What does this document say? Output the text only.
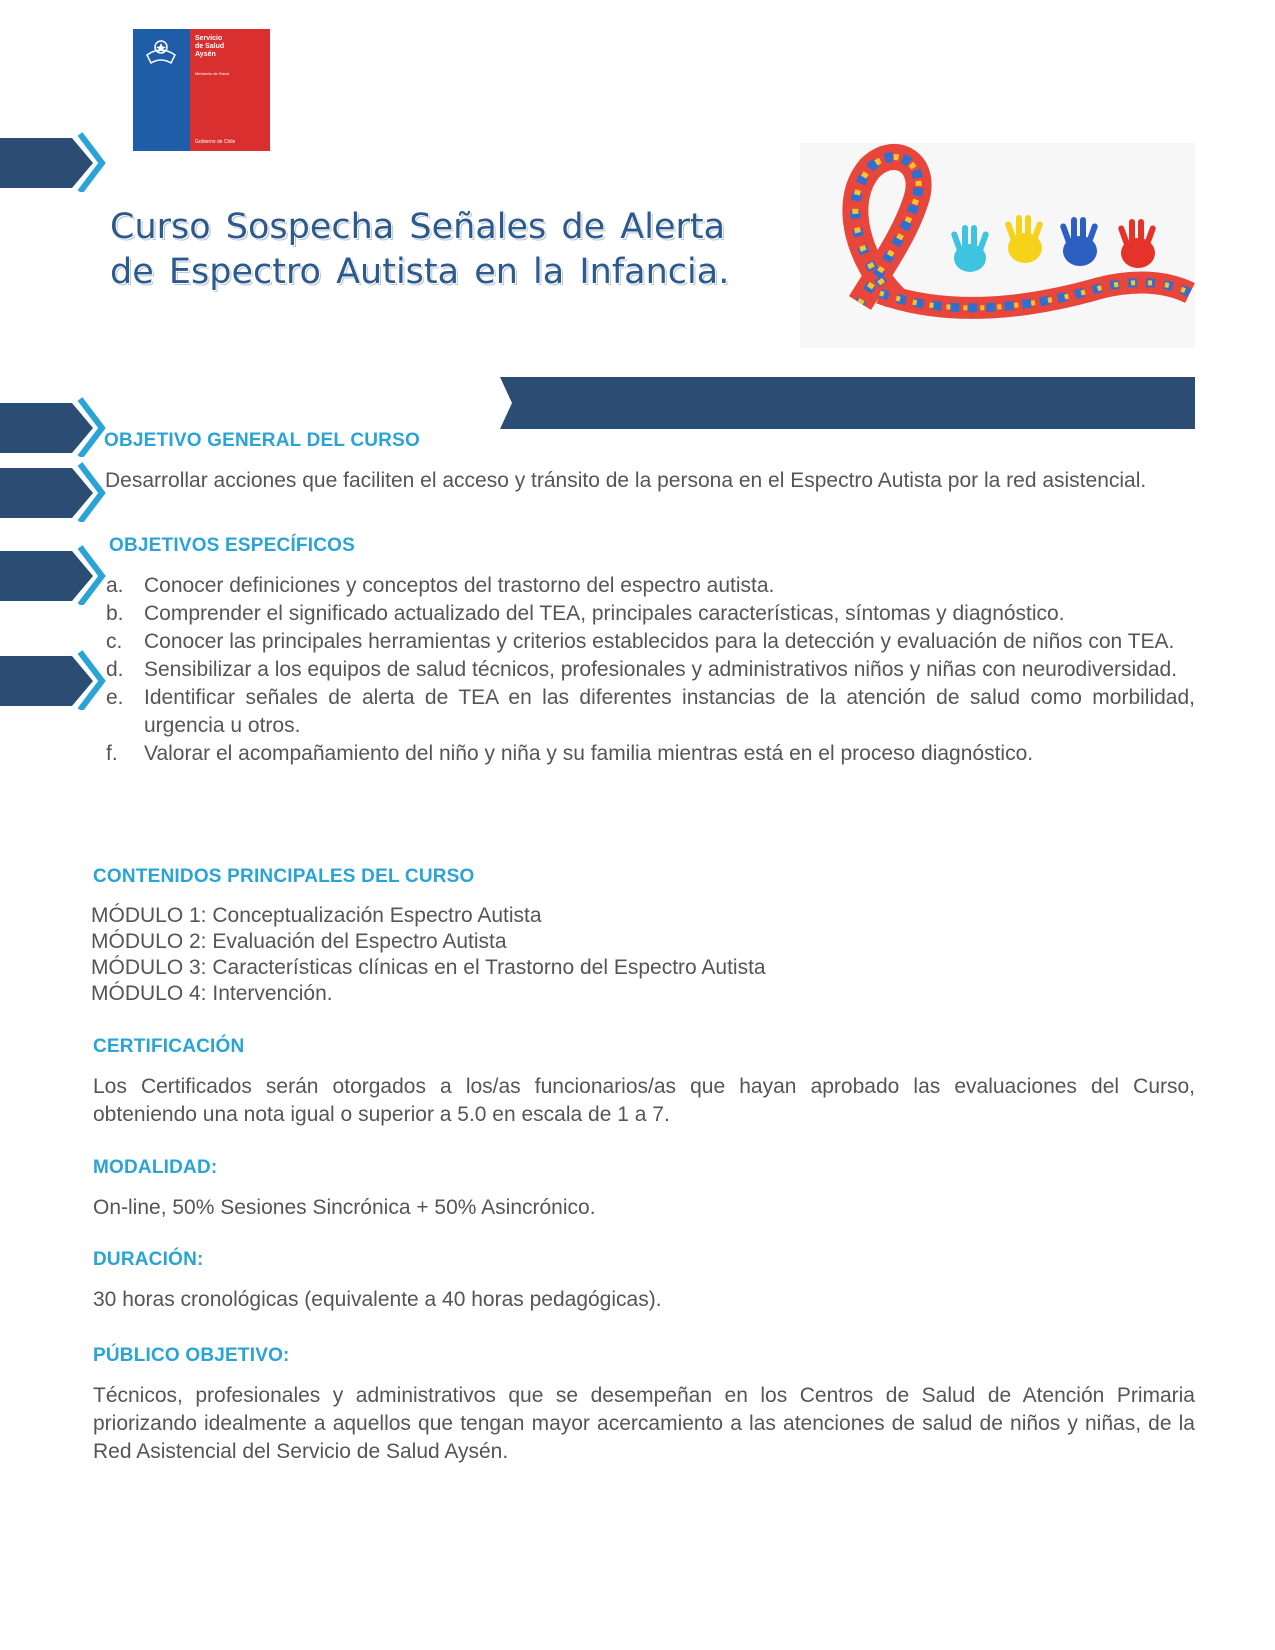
Servicio
de Salud
Aysén
Ministerio de Salud
Gobierno de Chile
Curso Sospecha Señales de Alerta
de Espectro Autista en la Infancia.
OBJETIVO GENERAL DEL CURSO
Desarrollar acciones que faciliten el acceso y tránsito de la persona en el Espectro Autista por la red asistencial.
OBJETIVOS ESPECÍFICOS
a. Conocer definiciones y conceptos del trastorno del espectro autista.
b. Comprender el significado actualizado del TEA, principales características, síntomas y diagnóstico.
c. Conocer las principales herramientas y criterios establecidos para la detección y evaluación de niños con TEA.
d. Sensibilizar a los equipos de salud técnicos, profesionales y administrativos niños y niñas con neurodiversidad.
e. Identificar señales de alerta de TEA en las diferentes instancias de la atención de salud como morbilidad, urgencia u otros.
f. Valorar el acompañamiento del niño y niña y su familia mientras está en el proceso diagnóstico.
CONTENIDOS PRINCIPALES DEL CURSO
MÓDULO 1: Conceptualización Espectro Autista
MÓDULO 2: Evaluación del Espectro Autista
MÓDULO 3: Características clínicas en el Trastorno del Espectro Autista
MÓDULO 4: Intervención.
CERTIFICACIÓN
Los Certificados serán otorgados a los/as funcionarios/as que hayan aprobado las evaluaciones del Curso, obteniendo una nota igual o superior a 5.0 en escala de 1 a 7.
MODALIDAD:
On-line, 50% Sesiones Sincrónica + 50% Asincrónico.
DURACIÓN:
30 horas cronológicas (equivalente a 40 horas pedagógicas).
PÚBLICO OBJETIVO:
Técnicos, profesionales y administrativos que se desempeñan en los Centros de Salud de Atención Primaria priorizando idealmente a aquellos que tengan mayor acercamiento a las atenciones de salud de niños y niñas, de la Red Asistencial del Servicio de Salud Aysén.
